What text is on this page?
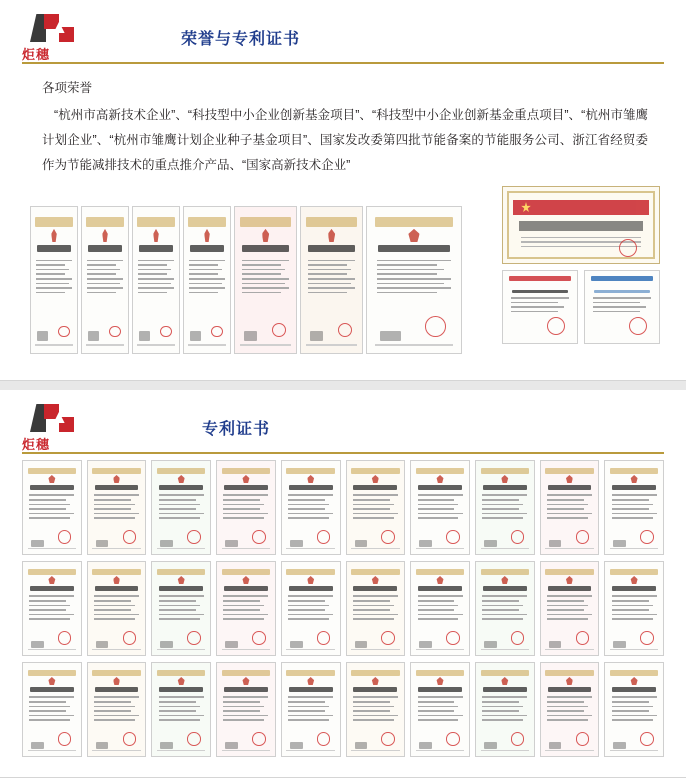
▲
炬穗
荣誉与专利证书
各项荣誉
“杭州市高新技术企业”、“科技型中小企业创新基金项目”、“科技型中小企业创新基金重点项目”、“杭州市雏鹰计划企业”、“杭州市雏鹰计划企业种子基金项目”、国家发改委第四批节能备案的节能服务公司、浙江省经贸委作为节能减排技术的重点推介产品、“国家高新技术企业”
▲
炬穗
专利证书
